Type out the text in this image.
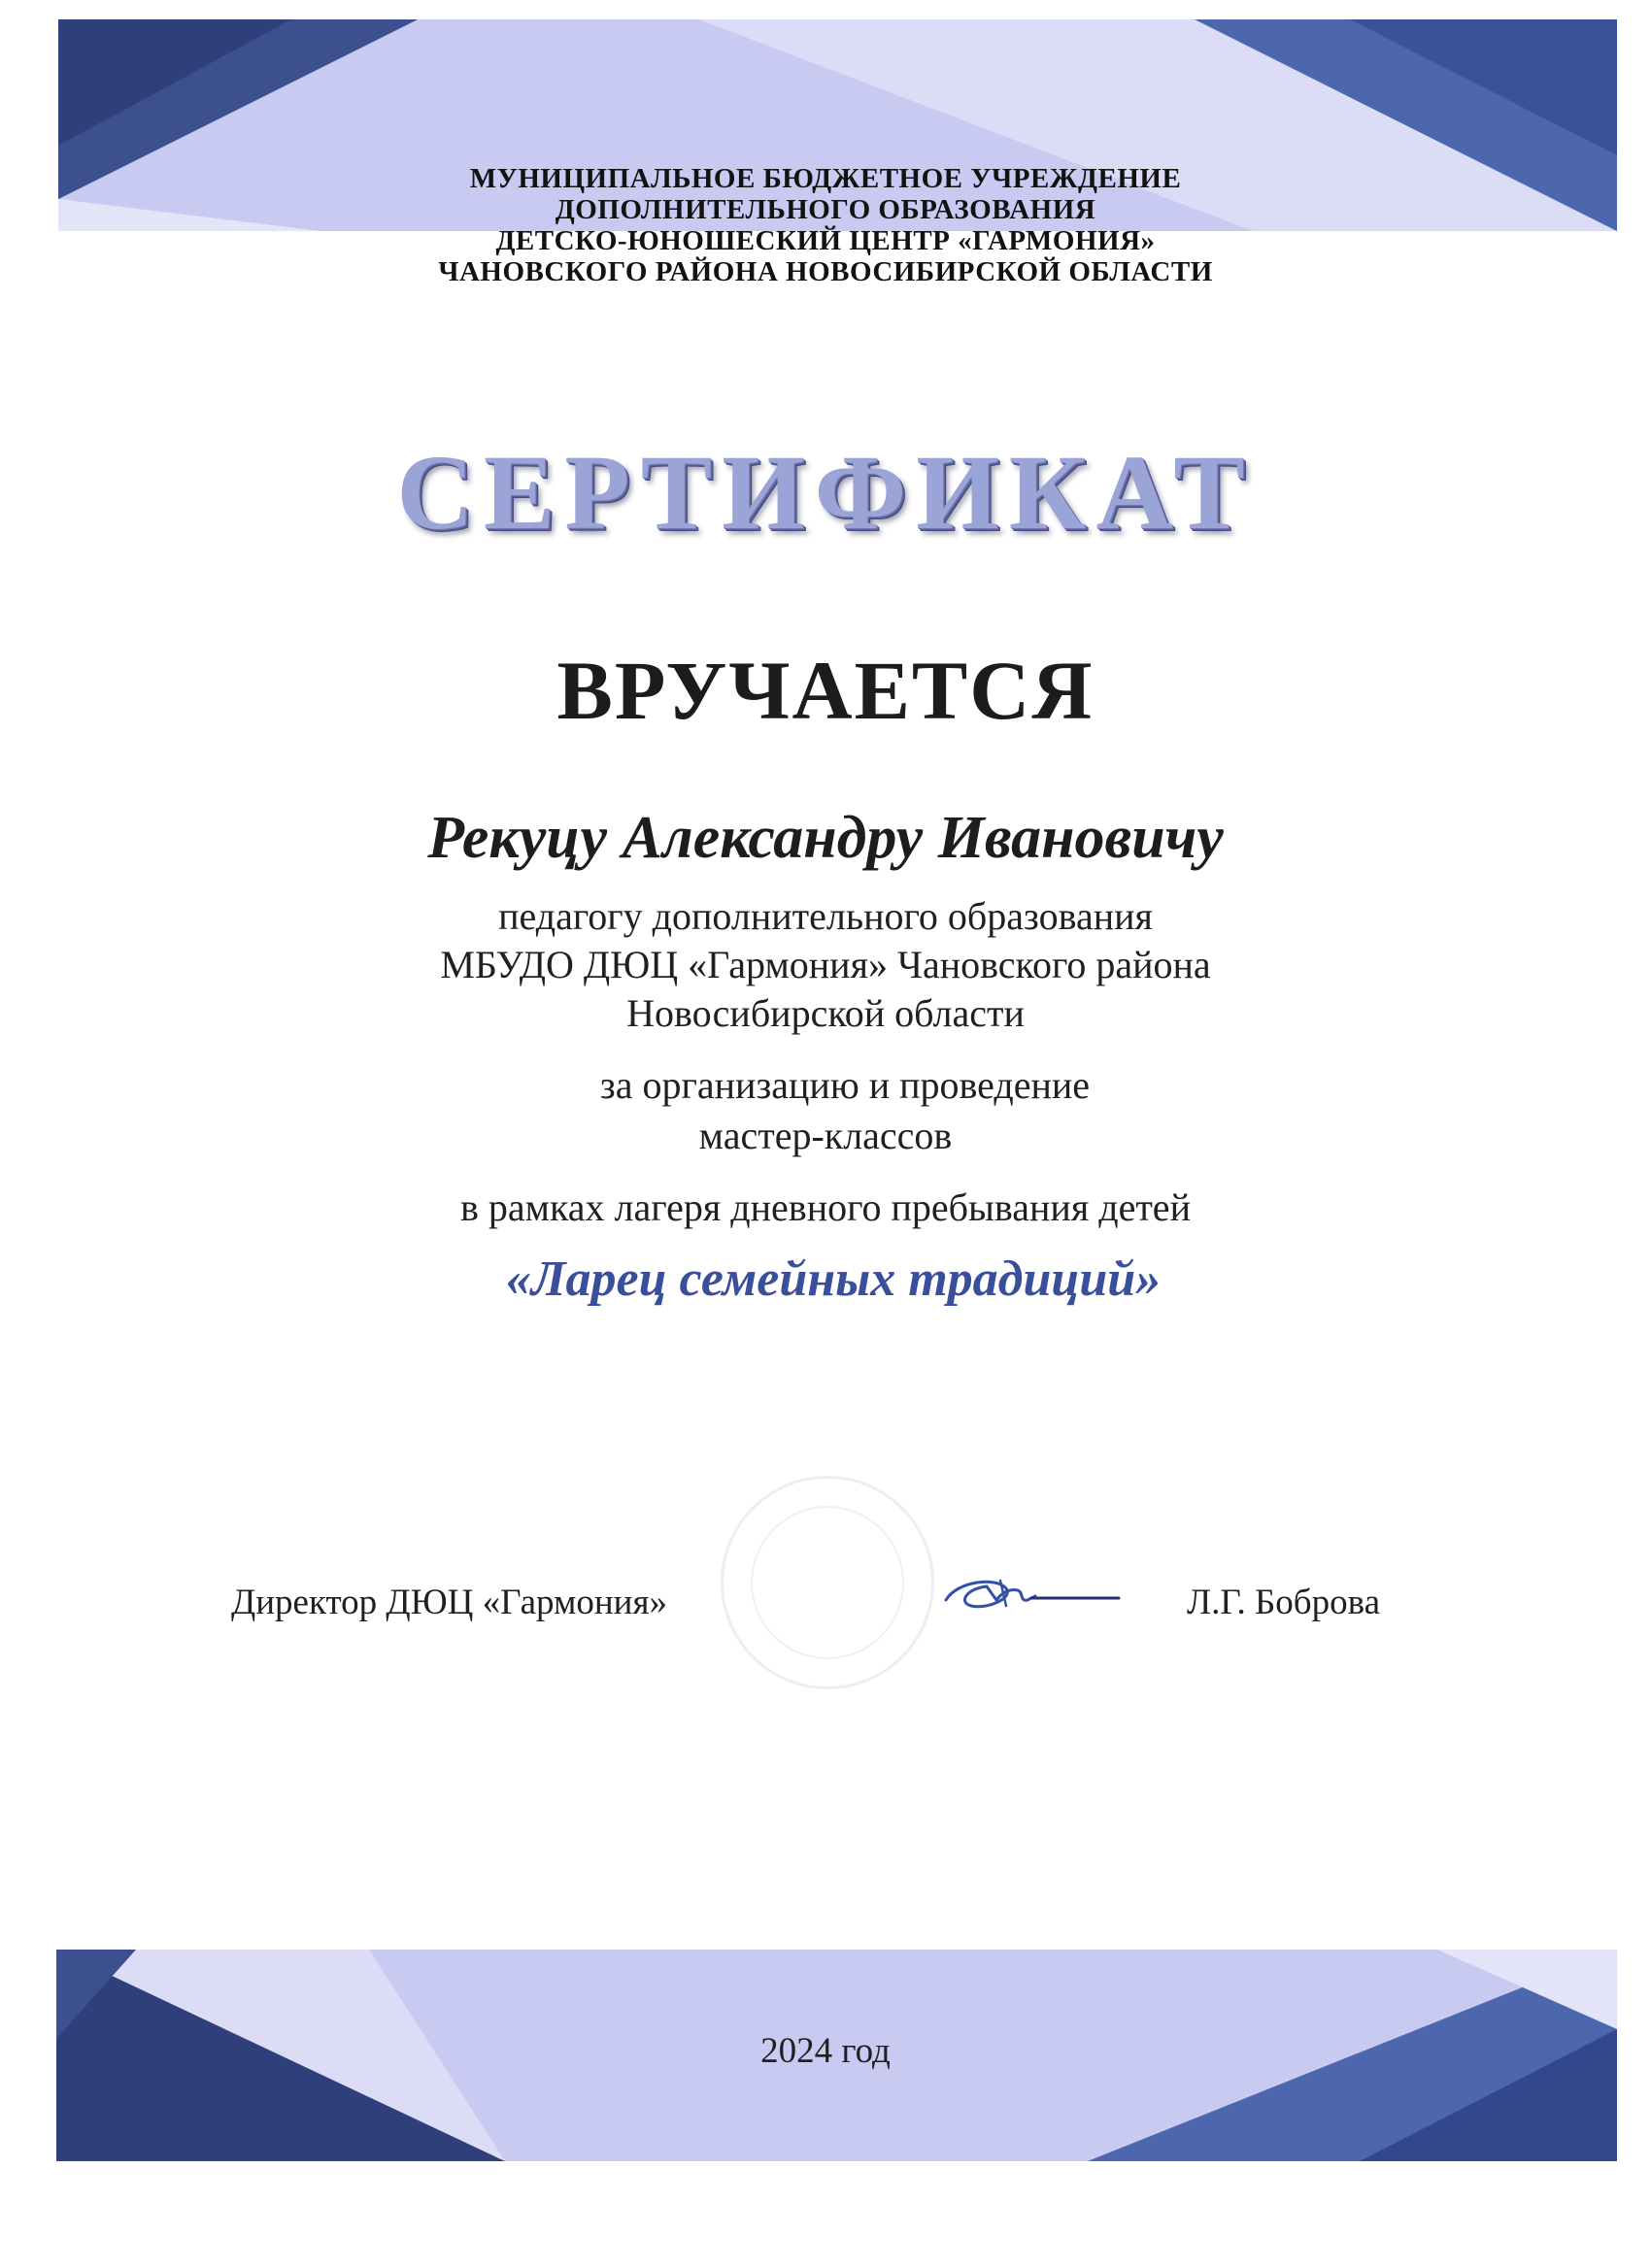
МУНИЦИПАЛЬНОЕ БЮДЖЕТНОЕ УЧРЕЖДЕНИЕ
ДОПОЛНИТЕЛЬНОГО ОБРАЗОВАНИЯ
ДЕТСКО-ЮНОШЕСКИЙ ЦЕНТР «ГАРМОНИЯ»
ЧАНОВСКОГО РАЙОНА НОВОСИБИРСКОЙ ОБЛАСТИ
СЕРТИФИКАТ
ВРУЧАЕТСЯ
Рекуцу Александру Ивановичу
педагогу дополнительного образования
МБУДО ДЮЦ «Гармония» Чановского района
Новосибирской области
за организацию и проведение
мастер-классов
в рамках лагеря дневного пребывания детей
«Ларец семейных традиций»
Директор ДЮЦ «Гармония»	Л.Г. Боброва
2024 год
